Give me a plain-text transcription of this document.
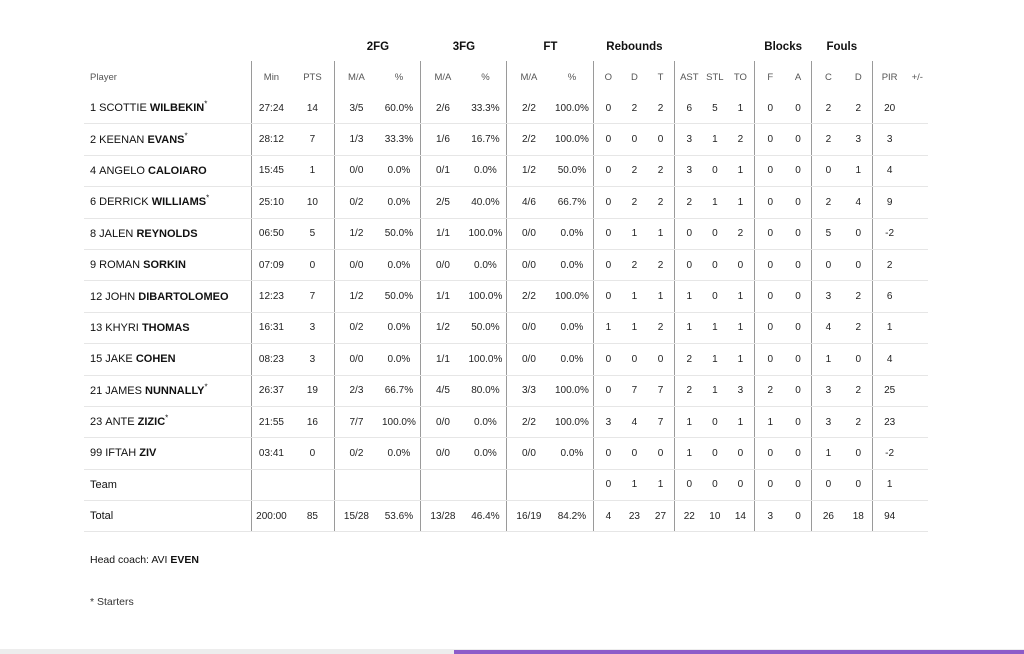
			2FG		3FG		FT		Rebounds						Blocks		Fouls			
Player	Min	PTS	M/A	%	M/A	%	M/A	%	O	D	T	AST	STL	TO	F	A	C	D	PIR	+/-
1 SCOTTIE WILBEKIN*	27:24	14	3/5	60.0%	2/6	33.3%	2/2	100.0%	0	2	2	6	5	1	0	0	2	2	20	
2 KEENAN EVANS*	28:12	7	1/3	33.3%	1/6	16.7%	2/2	100.0%	0	0	0	3	1	2	0	0	2	3	3	
4 ANGELO CALOIARO	15:45	1	0/0	0.0%	0/1	0.0%	1/2	50.0%	0	2	2	3	0	1	0	0	0	1	4	
6 DERRICK WILLIAMS*	25:10	10	0/2	0.0%	2/5	40.0%	4/6	66.7%	0	2	2	2	1	1	0	0	2	4	9	
8 JALEN REYNOLDS	06:50	5	1/2	50.0%	1/1	100.0%	0/0	0.0%	0	1	1	0	0	2	0	0	5	0	-2	
9 ROMAN SORKIN	07:09	0	0/0	0.0%	0/0	0.0%	0/0	0.0%	0	2	2	0	0	0	0	0	0	0	2	
12 JOHN DIBARTOLOMEO	12:23	7	1/2	50.0%	1/1	100.0%	2/2	100.0%	0	1	1	1	0	1	0	0	3	2	6	
13 KHYRI THOMAS	16:31	3	0/2	0.0%	1/2	50.0%	0/0	0.0%	1	1	2	1	1	1	0	0	4	2	1	
15 JAKE COHEN	08:23	3	0/0	0.0%	1/1	100.0%	0/0	0.0%	0	0	0	2	1	1	0	0	1	0	4	
21 JAMES NUNNALLY*	26:37	19	2/3	66.7%	4/5	80.0%	3/3	100.0%	0	7	7	2	1	3	2	0	3	2	25	
23 ANTE ZIZIC*	21:55	16	7/7	100.0%	0/0	0.0%	2/2	100.0%	3	4	7	1	0	1	1	0	3	2	23	
99 IFTAH ZIV	03:41	0	0/2	0.0%	0/0	0.0%	0/0	0.0%	0	0	0	1	0	0	0	0	1	0	-2	
Team									0	1	1	0	0	0	0	0	0	0	1	
Total	200:00	85	15/28	53.6%	13/28	46.4%	16/19	84.2%	4	23	27	22	10	14	3	0	26	18	94	
Head coach: AVI EVEN
* Starters
